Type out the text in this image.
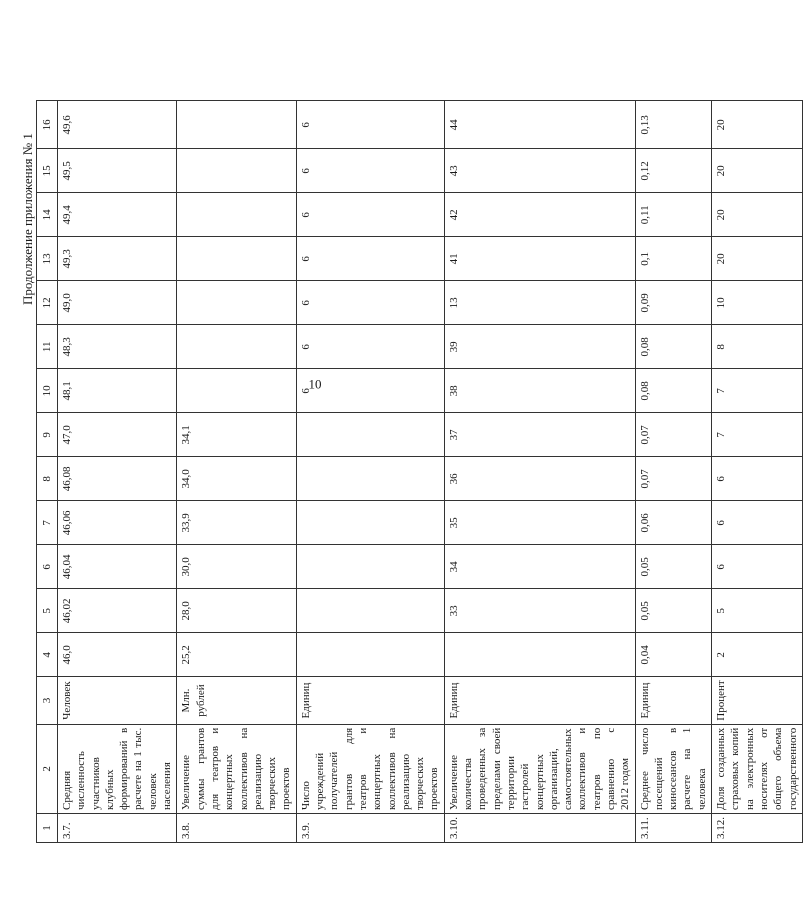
Продолжение приложения № 1
10
1	2	3	4	5	6	7	8	9	10	11	12	13	14	15	16
3.7.	Средняя численность участников клубных формирований в расчете на 1 тыс. человек населения	Человек	46,0	46,02	46,04	46,06	46,08	47,0	48,1	48,3	49,0	49,3	49,4	49,5	49,6
3.8.	Увеличение суммы грантов для театров и концертных коллективов на реализацию творческих проектов	Млн. рублей	25,2	28,0	30,0	33,9	34,0	34,1							
3.9.	Число учреждений получателей грантов для театров и концертных коллективов на реализацию творческих проектов	Единиц							6	6	6	6	6	6	6
3.10.	Увеличение количества проведенных за пределами своей территории гастролей концертных организаций, самостоятельных коллективов и театров по сравнению с 2012 годом	Единиц		33	34	35	36	37	38	39	13	41	42	43	44
3.11.	Среднее число посещений киносеансов в расчете на 1 человека	Единиц	0,04	0,05	0,05	0,06	0,07	0,07	0,08	0,08	0,09	0,1	0,11	0,12	0,13
3.12.	Доля созданных страховых копий на электронных носителях от общего объема государственного	Процент	2	5	6	6	6	7	7	8	10	20	20	20	20
